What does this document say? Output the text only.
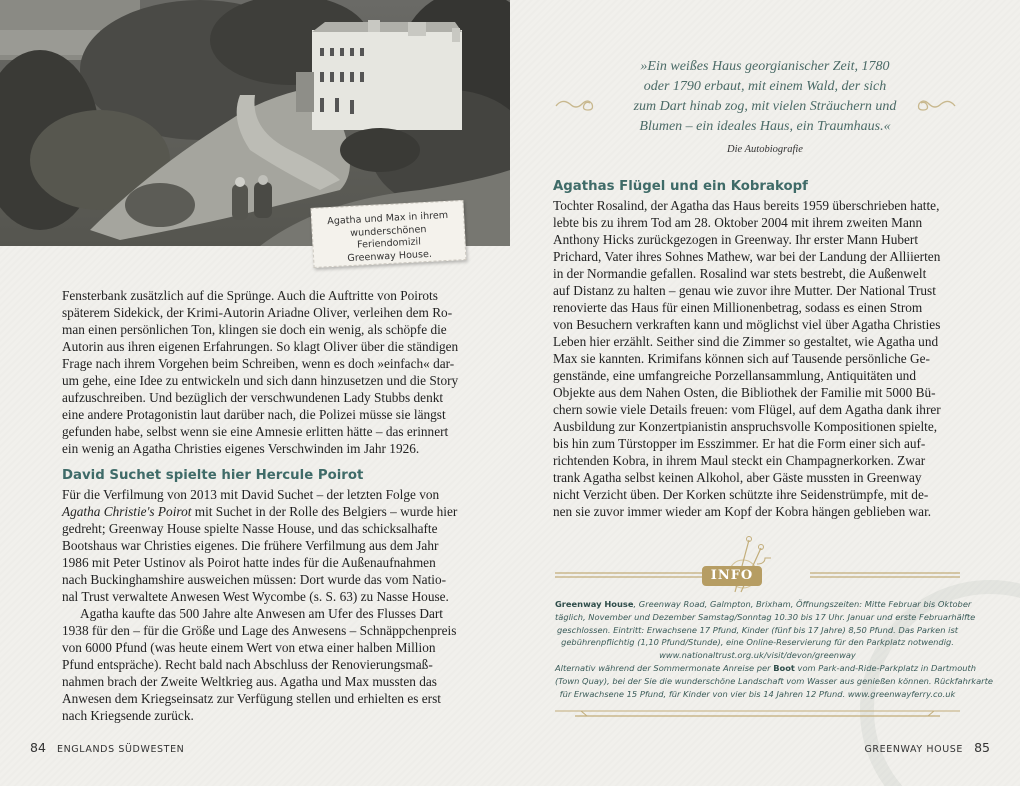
Agatha und Max in ihrem
wunderschönen Feriendomizil
Greenway House.

Fensterbank zusätzlich auf die Sprünge. Auch die Auftritte von Poirots
späterem Sidekick, der Krimi-Autorin Ariadne Oliver, verleihen dem Ro-
man einen persönlichen Ton, klingen sie doch ein wenig, als schöpfe die
Autorin aus ihren eigenen Erfahrungen. So klagt Oliver über die ständigen
Frage nach ihrem Vorgehen beim Schreiben, wenn es doch »einfach« dar-
um gehe, eine Idee zu entwickeln und sich dann hinzusetzen und die Story
aufzuschreiben. Und bezüglich der verschwundenen Lady Stubbs denkt
eine andere Protagonistin laut darüber nach, die Polizei müsse sie längst
gefunden habe, selbst wenn sie eine Amnesie erlitten hätte – das erinnert
ein wenig an Agatha Christies eigenes Verschwinden im Jahr 1926.

David Suchet spielte hier Hercule Poirot

Für die Verfilmung von 2013 mit David Suchet – der letzten Folge von
Agatha Christie's Poirot mit Suchet in der Rolle des Belgiers – wurde hier
gedreht; Greenway House spielte Nasse House, und das schicksalhafte
Bootshaus war Christies eigenes. Die frühere Verfilmung aus dem Jahr
1986 mit Peter Ustinov als Poirot hatte indes für die Außenaufnahmen
nach Buckinghamshire ausweichen müssen: Dort wurde das vom Natio-
nal Trust verwaltete Anwesen West Wycombe (s. S. 63) zu Nasse House.

Agatha kaufte das 500 Jahre alte Anwesen am Ufer des Flusses Dart
1938 für den – für die Größe und Lage des Anwesens – Schnäppchenpreis
von 6000 Pfund (was heute einem Wert von etwa einer halben Million
Pfund entspräche). Recht bald nach Abschluss der Renovierungsmaß-
nahmen brach der Zweite Weltkrieg aus. Agatha und Max mussten das
Anwesen dem Kriegseinsatz zur Verfügung stellen und erhielten es erst
nach Kriegsende zurück.

84 ENGLANDS SÜDWESTEN
»Ein weißes Haus georgianischer Zeit, 1780
oder 1790 erbaut, mit einem Wald, der sich
zum Dart hinab zog, mit vielen Sträuchern und
Blumen – ein ideales Haus, ein Traumhaus.«
Die Autobiografie
Agathas Flügel und ein Kobrakopf

Tochter Rosalind, der Agatha das Haus bereits 1959 überschrieben hatte,
lebte bis zu ihrem Tod am 28. Oktober 2004 mit ihrem zweiten Mann
Anthony Hicks zurückgezogen in Greenway. Ihr erster Mann Hubert
Prichard, Vater ihres Sohnes Mathew, war bei der Landung der Alliierten
in der Normandie gefallen. Rosalind war stets bestrebt, die Außenwelt
auf Distanz zu halten – genau wie zuvor ihre Mutter. Der National Trust
renovierte das Haus für einen Millionenbetrag, sodass es einen Strom
von Besuchern verkraften kann und möglichst viel über Agatha Christies
Leben hier erzählt. Seither sind die Zimmer so gestaltet, wie Agatha und
Max sie kannten. Krimifans können sich auf Tausende persönliche Ge-
genstände, eine umfangreiche Porzellansammlung, Antiquitäten und
Objekte aus dem Nahen Osten, die Bibliothek der Familie mit 5000 Bü-
chern sowie viele Details freuen: vom Flügel, auf dem Agatha dank ihrer
Ausbildung zur Konzertpianistin anspruchsvolle Kompositionen spielte,
bis hin zum Türstopper im Esszimmer. Er hat die Form einer sich auf-
richtenden Kobra, in ihrem Maul steckt ein Champagnerkorken. Zwar
trank Agatha selbst keinen Alkohol, aber Gäste mussten in Greenway
nicht Verzicht üben. Der Korken schützte ihre Seidenstrümpfe, mit de-
nen sie zuvor immer wieder am Kopf der Kobra hängen geblieben war.

INFO
Greenway House, Greenway Road, Galmpton, Brixham, Öffnungszeiten: Mitte Februar bis Oktober
täglich, November und Dezember Samstag/Sonntag 10.30 bis 17 Uhr. Januar und erste Februarhälfte
geschlossen. Eintritt: Erwachsene 17 Pfund, Kinder (fünf bis 17 Jahre) 8,50 Pfund. Das Parken ist
gebührenpflichtig (1,10 Pfund/Stunde), eine Online-Reservierung für den Parkplatz notwendig.
www.nationaltrust.org.uk/visit/devon/greenway
Alternativ während der Sommermonate Anreise per Boot vom Park-and-Ride-Parkplatz in Dartmouth
(Town Quay), bei der Sie die wunderschöne Landschaft vom Wasser aus genießen können. Rückfahrkarte
für Erwachsene 15 Pfund, für Kinder von vier bis 14 Jahren 12 Pfund. www.greenwayferry.co.uk
GREENWAY HOUSE 85
